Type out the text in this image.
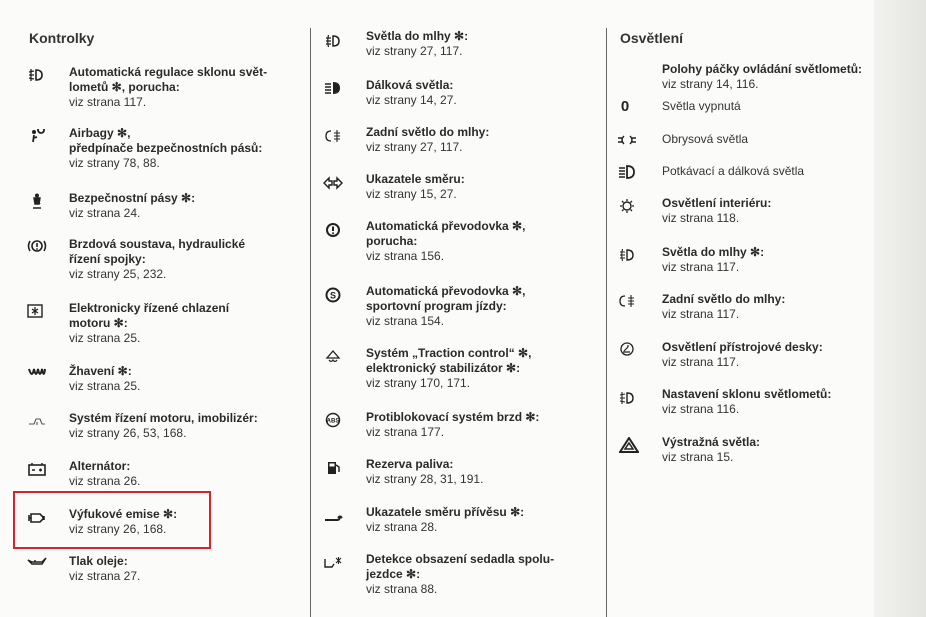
Kontrolky	Osvětlení
Automatická regulace sklonu svět-
lometů ✻, porucha:
viz strana 117.
Airbagy ✻,
předpínače bezpečnostních pásů:
viz strany 78, 88.
Bezpečnostní pásy ✻:
viz strana 24.
Brzdová soustava, hydraulické
řízení spojky:
viz strany 25, 232.
Elektronicky řízené chlazení
motoru ✻:
viz strana 25.
Žhavení ✻:
viz strana 25.
Systém řízení motoru, imobilizér:
viz strany 26, 53, 168.
Alternátor:
viz strana 26.
Výfukové emise ✻:
viz strany 26, 168.
Tlak oleje:
viz strana 27.
Světla do mlhy ✻:
viz strany 27, 117.
Dálková světla:
viz strany 14, 27.
Zadní světlo do mlhy:
viz strany 27, 117.
Ukazatele směru:
viz strany 15, 27.
Automatická převodovka ✻,
porucha:
viz strana 156.
S Automatická převodovka ✻,
sportovní program jízdy:
viz strana 154.
Systém „Traction control“ ✻,
elektronický stabilizátor ✻:
viz strany 170, 171.
ABS Protiblokovací systém brzd ✻:
viz strana 177.
Rezerva paliva:
viz strany 28, 31, 191.
Ukazatele směru přívěsu ✻:
viz strana 28.
Detekce obsazení sedadla spolu-
jezdce ✻:
viz strana 88.
Polohy páčky ovládání světlometů:
viz strany 14, 116.
0	Světla vypnutá
Obrysová světla
Potkávací a dálková světla
Osvětlení interiéru:
viz strana 118.
Světla do mlhy ✻:
viz strana 117.
Zadní světlo do mlhy:
viz strana 117.
Osvětlení přístrojové desky:
viz strana 117.
Nastavení sklonu světlometů:
viz strana 116.
Výstražná světla:
viz strana 15.
